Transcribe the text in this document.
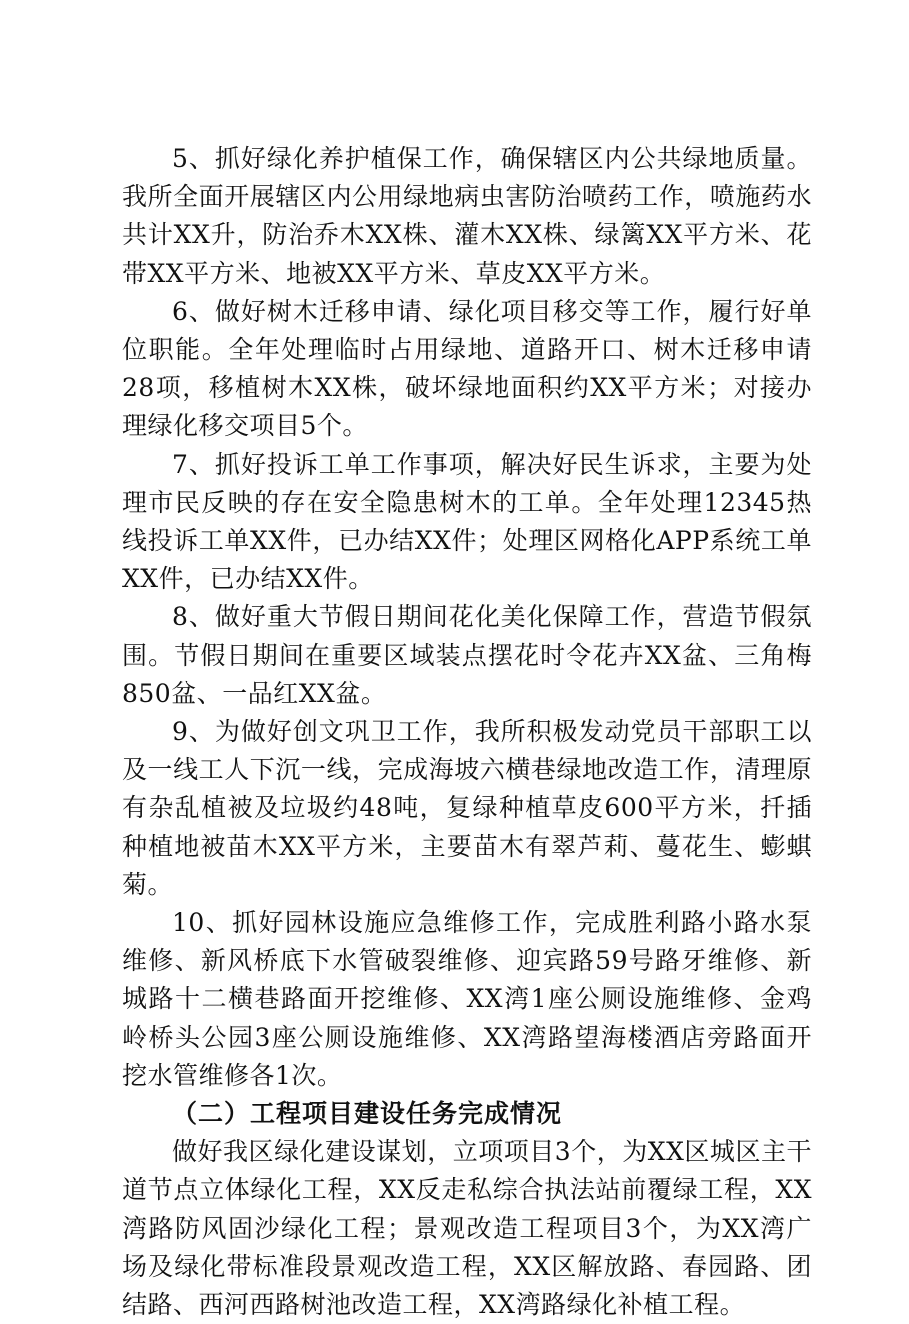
5、抓好绿化养护植保工作，确保辖区内公共绿地质量。我所全面开展辖区内公用绿地病虫害防治喷药工作，喷施药水共计XX升，防治乔木XX株、灌木XX株、绿篱XX平方米、花带XX平方米、地被XX平方米、草皮XX平方米。

6、做好树木迁移申请、绿化项目移交等工作，履行好单位职能。全年处理临时占用绿地、道路开口、树木迁移申请28项，移植树木XX株，破坏绿地面积约XX平方米；对接办理绿化移交项目5个。

7、抓好投诉工单工作事项，解决好民生诉求，主要为处理市民反映的存在安全隐患树木的工单。全年处理12345热线投诉工单XX件，已办结XX件；处理区网格化APP系统工单XX件，已办结XX件。

8、做好重大节假日期间花化美化保障工作，营造节假氛围。节假日期间在重要区域装点摆花时令花卉XX盆、三角梅850盆、一品红XX盆。

9、为做好创文巩卫工作，我所积极发动党员干部职工以及一线工人下沉一线，完成海坡六横巷绿地改造工作，清理原有杂乱植被及垃圾约48吨，复绿种植草皮600平方米，扦插种植地被苗木XX平方米，主要苗木有翠芦莉、蔓花生、蟛蜞菊。

10、抓好园林设施应急维修工作，完成胜利路小路水泵维修、新风桥底下水管破裂维修、迎宾路59号路牙维修、新城路十二横巷路面开挖维修、XX湾1座公厕设施维修、金鸡岭桥头公园3座公厕设施维修、XX湾路望海楼酒店旁路面开挖水管维修各1次。

（二）工程项目建设任务完成情况

做好我区绿化建设谋划，立项项目3个，为XX区城区主干道节点立体绿化工程，XX反走私综合执法站前覆绿工程，XX湾路防风固沙绿化工程；景观改造工程项目3个，为XX湾广场及绿化带标准段景观改造工程，XX区解放路、春园路、团结路、西河西路树池改造工程，XX湾路绿化补植工程。
